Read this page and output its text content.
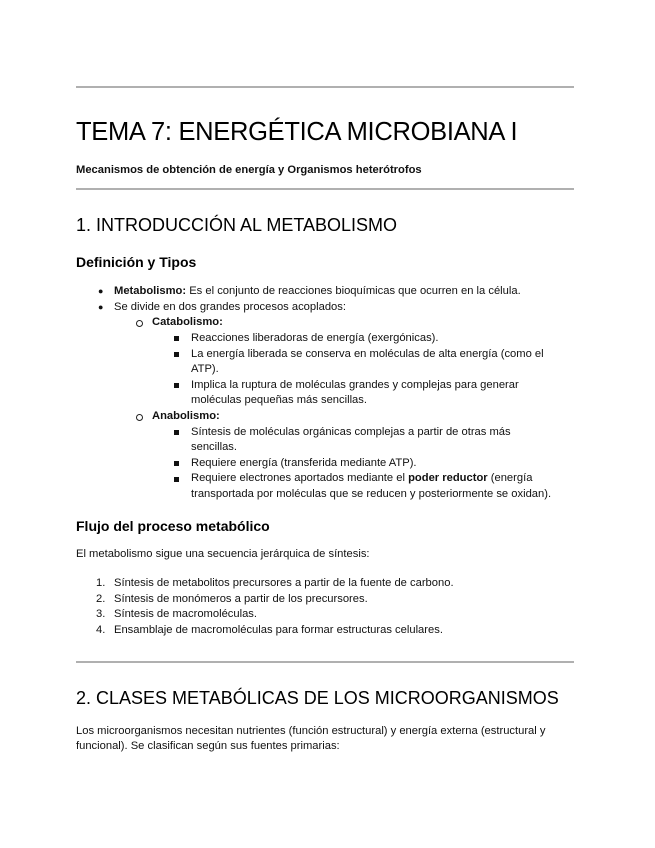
TEMA 7: ENERGÉTICA MICROBIANA I

Mecanismos de obtención de energía y Organismos heterótrofos

1. INTRODUCCIÓN AL METABOLISMO
Definición y Tipos
● Metabolismo: Es el conjunto de reacciones bioquímicas que ocurren en la célula.
● Se divide en dos grandes procesos acoplados:
Catabolismo:
Reacciones liberadoras de energía (exergónicas).
La energía liberada se conserva en moléculas de alta energía (como el
ATP).
Implica la ruptura de moléculas grandes y complejas para generar
moléculas pequeñas más sencillas.
Anabolismo:
Síntesis de moléculas orgánicas complejas a partir de otras más
sencillas.
Requiere energía (transferida mediante ATP).
Requiere electrones aportados mediante el poder reductor (energía
transportada por moléculas que se reducen y posteriormente se oxidan).
Flujo del proceso metabólico
El metabolismo sigue una secuencia jerárquica de síntesis:
1. Síntesis de metabolitos precursores a partir de la fuente de carbono.
2. Síntesis de monómeros a partir de los precursores.
3. Síntesis de macromoléculas.
4. Ensamblaje de macromoléculas para formar estructuras celulares.
2. CLASES METABÓLICAS DE LOS MICROORGANISMOS
Los microorganismos necesitan nutrientes (función estructural) y energía externa (estructural y
funcional). Se clasifican según sus fuentes primarias:
